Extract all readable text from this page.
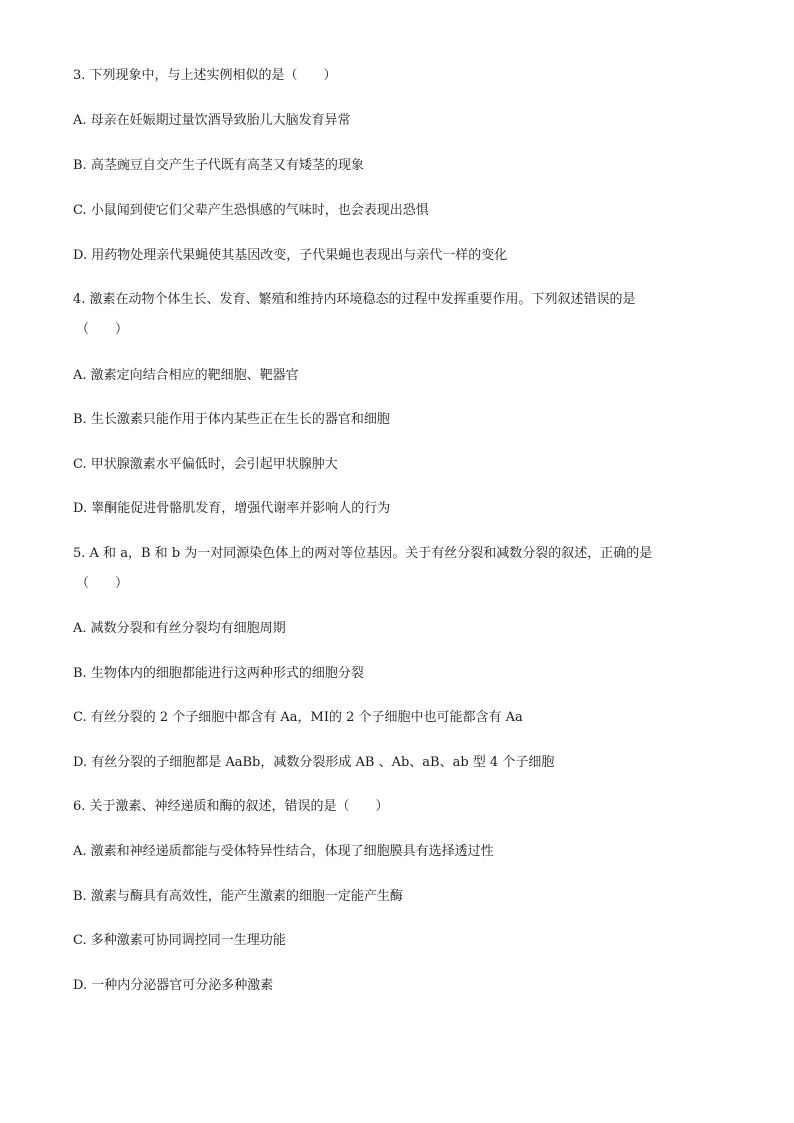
3. 下列现象中，与上述实例相似的是（　　）
A. 母亲在妊娠期过量饮酒导致胎儿大脑发育异常
B. 高茎豌豆自交产生子代既有高茎又有矮茎的现象
C. 小鼠闻到使它们父辈产生恐惧感的气味时，也会表现出恐惧
D. 用药物处理亲代果蝇使其基因改变，子代果蝇也表现出与亲代一样的变化
4. 激素在动物个体生长、发育、繁殖和维持内环境稳态的过程中发挥重要作用。下列叙述错误的是
（　　）
A. 激素定向结合相应的靶细胞、靶器官
B. 生长激素只能作用于体内某些正在生长的器官和细胞
C. 甲状腺激素水平偏低时，会引起甲状腺肿大
D. 睾酮能促进骨骼肌发育，增强代谢率并影响人的行为
5. A 和 a，B 和 b 为一对同源染色体上的两对等位基因。关于有丝分裂和减数分裂的叙述，正确的是
（　　）
A. 减数分裂和有丝分裂均有细胞周期
B. 生物体内的细胞都能进行这两种形式的细胞分裂
C. 有丝分裂的 2 个子细胞中都含有 Aa，MⅠ的 2 个子细胞中也可能都含有 Aa
D. 有丝分裂的子细胞都是 AaBb，减数分裂形成 AB 、Ab、aB、ab 型 4 个子细胞
6. 关于激素、神经递质和酶的叙述，错误的是（　　）
A. 激素和神经递质都能与受体特异性结合，体现了细胞膜具有选择透过性
B. 激素与酶具有高效性，能产生激素的细胞一定能产生酶
C. 多种激素可协同调控同一生理功能
D. 一种内分泌器官可分泌多种激素
